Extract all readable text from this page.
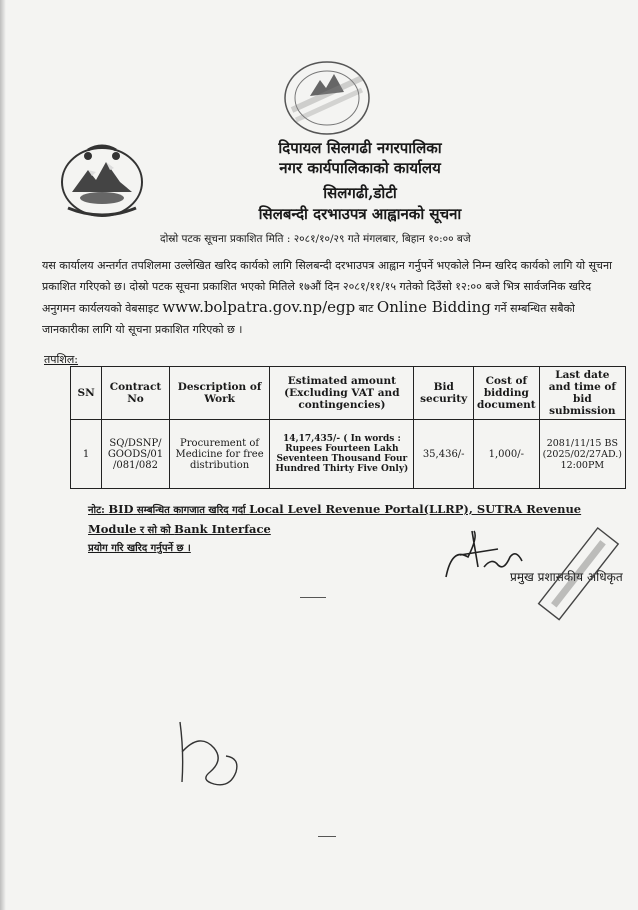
दिपायल सिलगढी नगरपालिका
नगर कार्यपालिकाको कार्यालय
सिलगढी,डोटी
सिलबन्दी दरभाउपत्र आह्वानको सूचना
दोस्रो पटक सूचना प्रकाशित मिति : २०८१/१०/२९ गते मंगलबार, बिहान १०:०० बजे
यस कार्यालय अन्तर्गत तपशिलमा उल्लेखित खरिद कार्यको लागि सिलबन्दी दरभाउपत्र आह्वान गर्नुपर्ने भएकोले निम्न खरिद कार्यको लागि यो सूचना प्रकाशित गरिएको छ। दोस्रो पटक सूचना प्रकाशित भएको मितिले १७औं दिन २०८१/११/१५ गतेको दिउँसो १२:०० बजे भित्र सार्वजनिक खरिद अनुगमन कार्यलयको वेबसाइट www.bolpatra.gov.np/egp बाट Online Bidding गर्ने सम्बन्धित सबैको जानकारीका लागि यो सूचना प्रकाशित गरिएको छ ।
तपशिल:
SN	Contract No	Description of Work	Estimated amount (Excluding VAT and contingencies)	Bid security	Cost of bidding document	Last date and time of bid submission
1	SQ/DSNP/ GOODS/01 /081/082	Procurement of Medicine for free distribution	14,17,435/- ( In words : Rupees Fourteen Lakh Seventeen Thousand Four Hundred Thirty Five Only)	35,436/-	1,000/-	2081/11/15 BS (2025/02/27AD.) 12:00PM
नोट: BID सम्बन्धित कागजात खरिद गर्दा Local Level Revenue Portal(LLRP), SUTRA Revenue Module र सो को Bank Interface
प्रयोग गरि खरिद गर्नुपर्ने छ ।
प्रमुख प्रशासकीय अधिकृत
